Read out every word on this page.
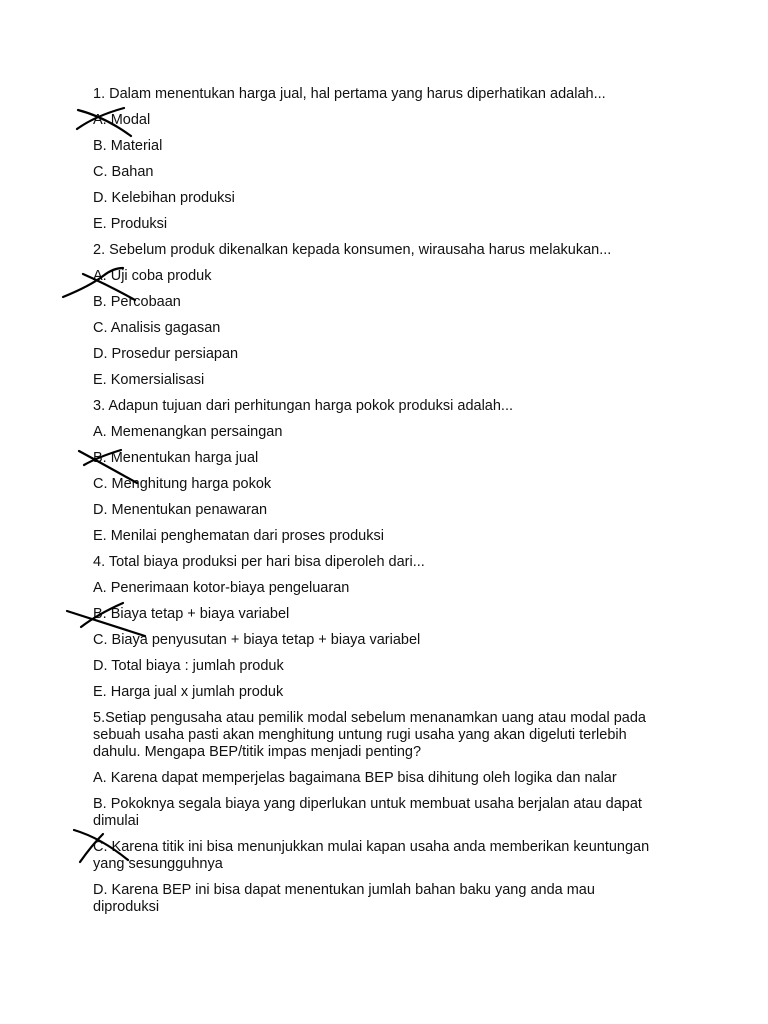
1. Dalam menentukan harga jual, hal pertama yang harus diperhatikan adalah...
A. Modal
B. Material
C. Bahan
D. Kelebihan produksi
E. Produksi
2. Sebelum produk dikenalkan kepada konsumen, wirausaha harus melakukan...
A. Uji coba produk
B. Percobaan
C. Analisis gagasan
D. Prosedur persiapan
E. Komersialisasi
3. Adapun tujuan dari perhitungan harga pokok produksi adalah...
A. Memenangkan persaingan
B. Menentukan harga jual
C. Menghitung harga pokok
D. Menentukan penawaran
E. Menilai penghematan dari proses produksi
4. Total biaya produksi per hari bisa diperoleh dari...
A. Penerimaan kotor-biaya pengeluaran
B. Biaya tetap + biaya variabel
C. Biaya penyusutan + biaya tetap + biaya variabel
D. Total biaya : jumlah produk
E. Harga jual x jumlah produk
5.Setiap pengusaha atau pemilik modal sebelum menanamkan uang atau modal pada sebuah usaha pasti akan menghitung untung rugi usaha yang akan digeluti terlebih dahulu. Mengapa BEP/titik impas menjadi penting?
A. Karena dapat memperjelas bagaimana BEP bisa dihitung oleh logika dan nalar
B. Pokoknya segala biaya yang diperlukan untuk membuat usaha berjalan atau dapat dimulai
C. Karena titik ini bisa menunjukkan mulai kapan usaha anda memberikan keuntungan yang sesungguhnya
D. Karena BEP ini bisa dapat menentukan jumlah bahan baku yang anda mau diproduksi
